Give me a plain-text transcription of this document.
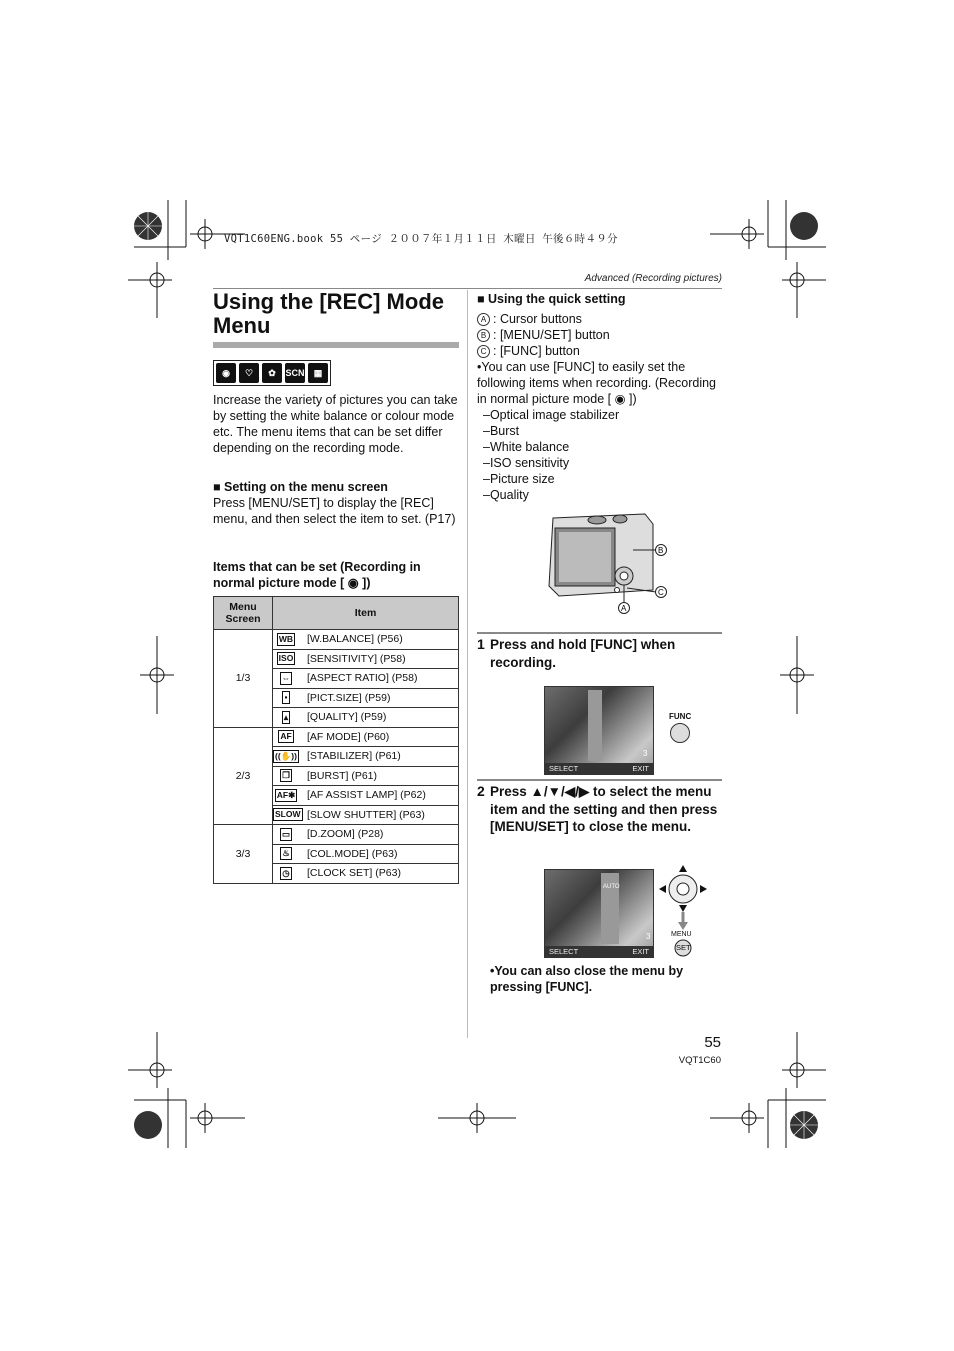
VQT1C60ENG.book 55 ページ ２００７年１月１１日 木曜日 午後６時４９分
Advanced (Recording pictures)
Using the [REC] Mode Menu
◉	♡	✿	SCN	▦
Increase the variety of pictures you can take by setting the white balance or colour mode etc. The menu items that can be set differ depending on the recording mode.
■ Setting on the menu screen
Press [MENU/SET] to display the [REC] menu, and then select the item to set. (P17)
Items that can be set (Recording in normal picture mode [ ◉ ])
Menu Screen	Item
1/3	WB [W.BALANCE] (P56)
	ISO [SENSITIVITY] (P58)
	⇔ [ASPECT RATIO] (P58)
	▪ [PICT.SIZE] (P59)
	▴ [QUALITY] (P59)
2/3	AF [AF MODE] (P60)
	((✋)) [STABILIZER] (P61)
	❐ [BURST] (P61)
	AF✱ [AF ASSIST LAMP] (P62)
	SLOW [SLOW SHUTTER] (P63)
3/3	▭ [D.ZOOM] (P28)
	♨ [COL.MODE] (P63)
	◷ [CLOCK SET] (P63)
■ Using the quick setting
A : Cursor buttons
B : [MENU/SET] button
C : [FUNC] button
•You can use [FUNC] to easily set the following items when recording. (Recording in normal picture mode [ ◉ ])
–Optical image stabilizer
–Burst
–White balance
–ISO sensitivity
–Picture size
–Quality
B
C
A
1 Press and hold [FUNC] when recording.
3
SELECT	EXIT
FUNC
2 Press ▲/▼/◀/▶ to select the menu item and the setting and then press [MENU/SET] to close the menu.
AUTO
3
SELECT	EXIT
MENU
SET
•You can also close the menu by pressing [FUNC].
55
VQT1C60
